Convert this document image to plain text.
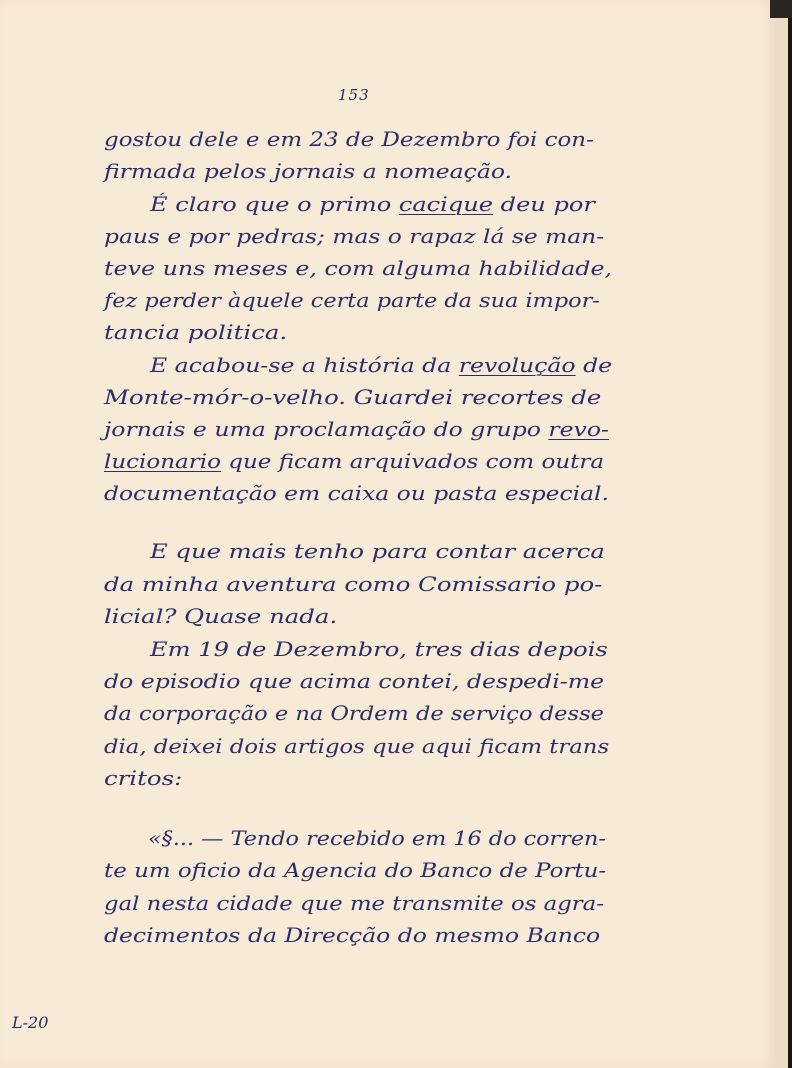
153
gostou dele e em 23 de Dezembro foi con-
firmada pelos jornais a nomeação.
É claro que o primo cacique deu por
paus e por pedras; mas o rapaz lá se man-
teve uns meses e, com alguma habilidade,
fez perder àquele certa parte da sua impor-
tancia politica.
E acabou-se a história da revolução de
Monte-mór-o-velho. Guardei recortes de
jornais e uma proclamação do grupo revo-
lucionario que ficam arquivados com outra
documentação em caixa ou pasta especial.
E que mais tenho para contar acerca
da minha aventura como Comissario po-
licial? Quase nada.
Em 19 de Dezembro, tres dias depois
do episodio que acima contei, despedi-me
da corporação e na Ordem de serviço desse
dia, deixei dois artigos que aqui ficam trans
critos:
«§... — Tendo recebido em 16 do corren-
te um oficio da Agencia do Banco de Portu-
gal nesta cidade que me transmite os agra-
decimentos da Direcção do mesmo Banco
L-20
